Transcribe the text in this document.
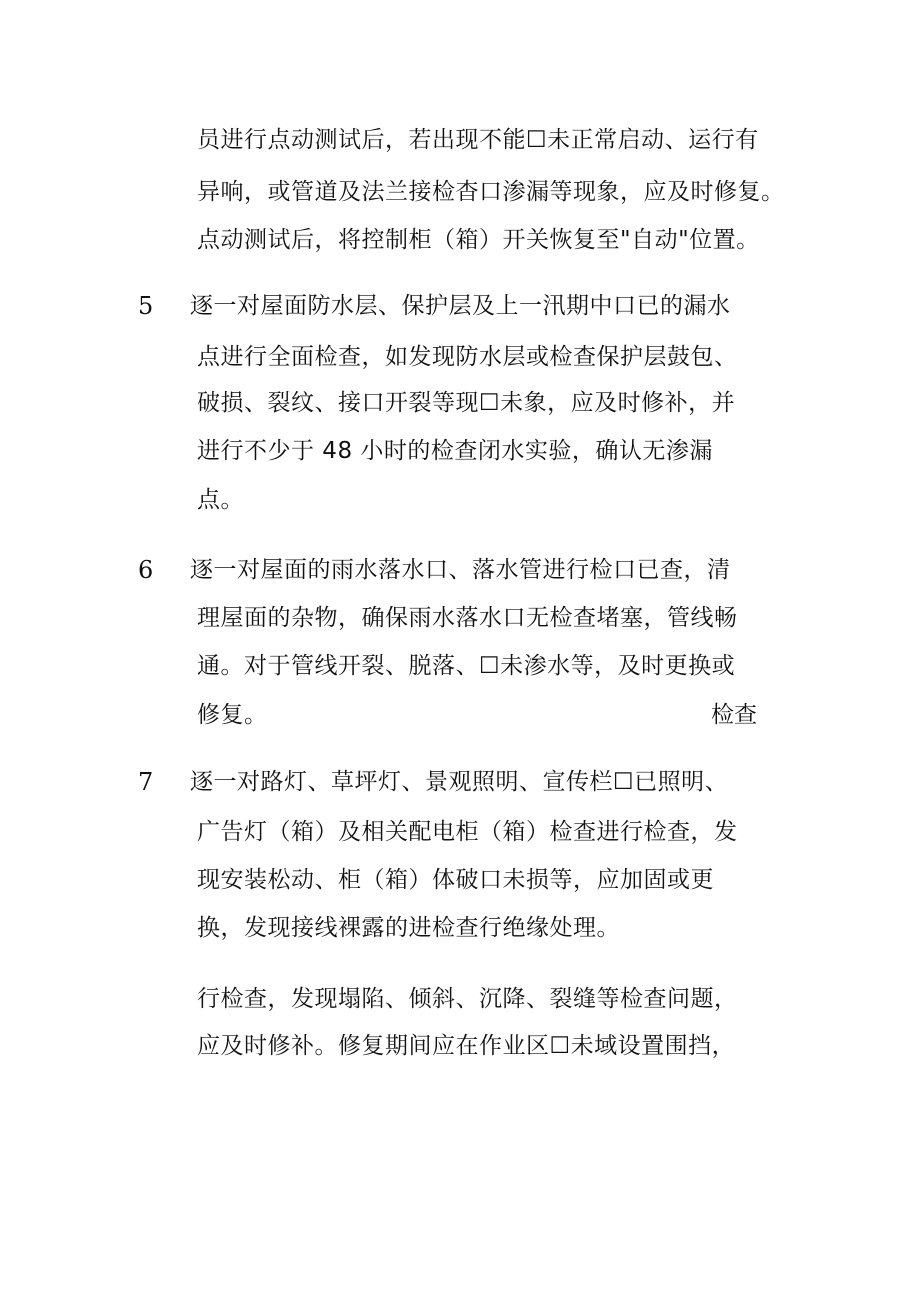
员进行点动测试后，若出现不能☐未正常启动、运行有
异响，或管道及法兰接检杳口渗漏等现象，应及时修复。
点动测试后，将控制柜（箱）开关恢复至"自动"位置。
5 逐一对屋面防水层、保护层及上一汛期中口已的漏水
点进行全面检查，如发现防水层或检查保护层鼓包、
破损、裂纹、接口开裂等现☐未象，应及时修补，并
进行不少于 48 小时的检查闭水实验，确认无渗漏
点。
6 逐一对屋面的雨水落水口、落水管进行检口已查，清
理屋面的杂物，确保雨水落水口无检查堵塞，管线畅
通。对于管线开裂、脱落、☐未渗水等，及时更换或
修复。	检查
7 逐一对路灯、草坪灯、景观照明、宣传栏☐已照明、
广告灯（箱）及相关配电柜（箱）检查进行检查，发
现安装松动、柜（箱）体破口未损等，应加固或更
换，发现接线裸露的进检查行绝缘处理。
行检查，发现塌陷、倾斜、沉降、裂缝等检查问题，
应及时修补。修复期间应在作业区☐未域设置围挡，
